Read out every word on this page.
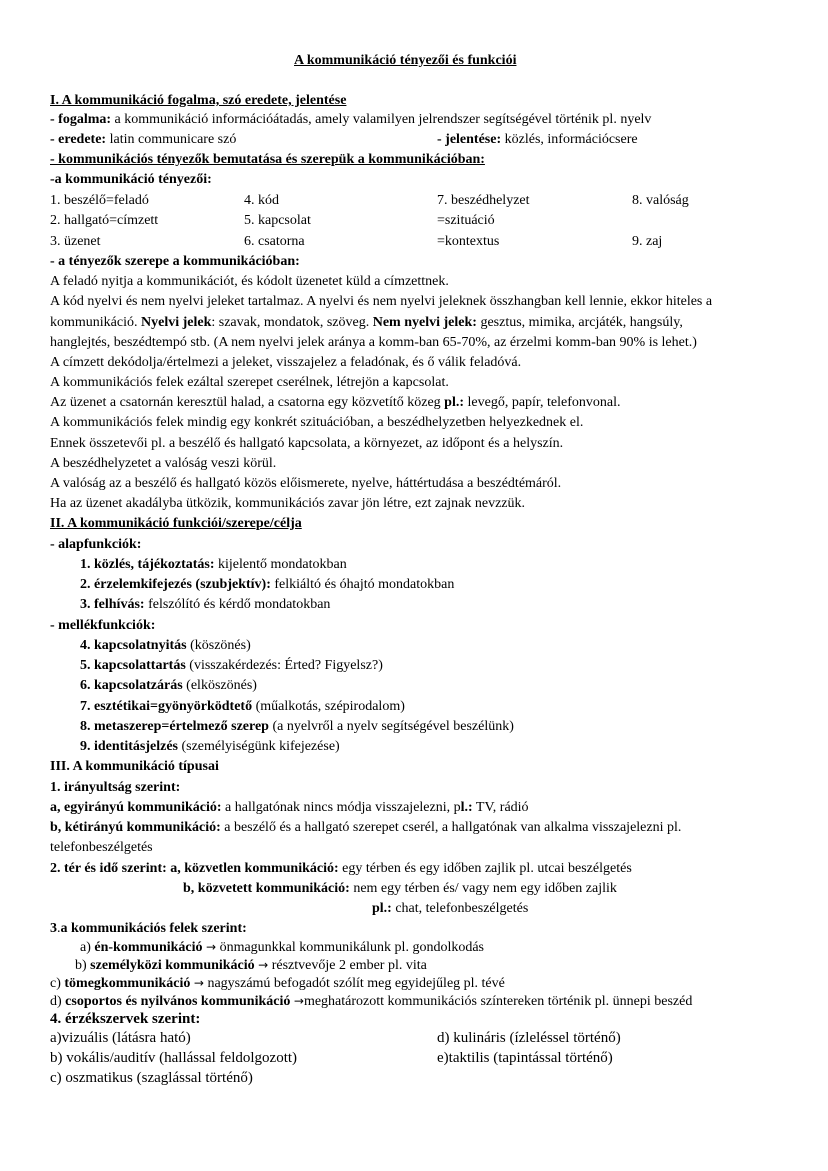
A kommunikáció tényezői és funkciói
I. A kommunikáció fogalma, szó eredete, jelentése
- fogalma: a kommunikáció információátadás, amely valamilyen jelrendszer segítségével történik pl. nyelv
- eredete: latin communicare szó	- jelentése: közlés, információcsere
- kommunikációs tényezők bemutatása és szerepük a kommunikációban:
-a kommunikáció tényezői:
1. beszélő=feladó
2. hallgató=címzett
3. üzenet
4. kód
5. kapcsolat
6. csatorna
7. beszédhelyzet
=szituáció
=kontextus
8. valóság
9. zaj
- a tényezők szerepe a kommunikációban:
A feladó nyitja a kommunikációt, és kódolt üzenetet küld a címzettnek.
A kód nyelvi és nem nyelvi jeleket tartalmaz. A nyelvi és nem nyelvi jeleknek összhangban kell lennie, ekkor hiteles a
kommunikáció. Nyelvi jelek: szavak, mondatok, szöveg. Nem nyelvi jelek: gesztus, mimika, arcjáték, hangsúly,
hanglejtés, beszédtempó stb. (A nem nyelvi jelek aránya a komm-ban 65-70%, az érzelmi komm-ban 90% is lehet.)
A címzett dekódolja/értelmezi a jeleket, visszajelez a feladónak, és ő válik feladóvá.
A kommunikációs felek ezáltal szerepet cserélnek, létrejön a kapcsolat.
Az üzenet a csatornán keresztül halad, a csatorna egy közvetítő közeg pl.: levegő, papír, telefonvonal.
A kommunikációs felek mindig egy konkrét szituációban, a beszédhelyzetben helyezkednek el.
Ennek összetevői pl. a beszélő és hallgató kapcsolata, a környezet, az időpont és a helyszín.
A beszédhelyzetet a valóság veszi körül.
A valóság az a beszélő és hallgató közös előismerete, nyelve, háttértudása a beszédtémáról.
Ha az üzenet akadályba ütközik, kommunikációs zavar jön létre, ezt zajnak nevzzük.
II. A kommunikáció funkciói/szerepe/célja
- alapfunkciók:
1. közlés, tájékoztatás: kijelentő mondatokban
2. érzelemkifejezés (szubjektív): felkiáltó és óhajtó mondatokban
3. felhívás: felszólító és kérdő mondatokban
- mellékfunkciók:
4. kapcsolatnyitás (köszönés)
5. kapcsolattartás (visszakérdezés: Érted? Figyelsz?)
6. kapcsolatzárás (elköszönés)
7. esztétikai=gyönyörködtető (műalkotás, szépirodalom)
8. metaszerep=értelmező szerep (a nyelvről a nyelv segítségével beszélünk)
9. identitásjelzés (személyiségünk kifejezése)
III. A kommunikáció típusai
1. irányultság szerint:
a, egyirányú kommunikáció: a hallgatónak nincs módja visszajelezni, pl.: TV, rádió
b, kétirányú kommunikáció: a beszélő és a hallgató szerepet cserél, a hallgatónak van alkalma visszajelezni pl.
telefonbeszélgetés
2. tér és idő szerint: a, közvetlen kommunikáció: egy térben és egy időben zajlik pl. utcai beszélgetés
b, közvetett kommunikáció: nem egy térben és/ vagy nem egy időben zajlik
pl.: chat, telefonbeszélgetés
3.a kommunikációs felek szerint:
a) én-kommunikáció → önmagunkkal kommunikálunk pl. gondolkodás
b) személyközi kommunikáció → résztvevője 2 ember pl. vita
c) tömegkommunikáció → nagyszámú befogadót szólít meg egyidejűleg pl. tévé
d) csoportos és nyilvános kommunikáció →meghatározott kommunikációs színtereken történik pl. ünnepi beszéd
4. érzékszervek szerint:
a)vizuális (látásra ható)
b) vokális/auditív (hallással feldolgozott)
c) oszmatikus (szaglással történő)
d) kulináris (ízleléssel történő)
e)taktilis (tapintással történő)
